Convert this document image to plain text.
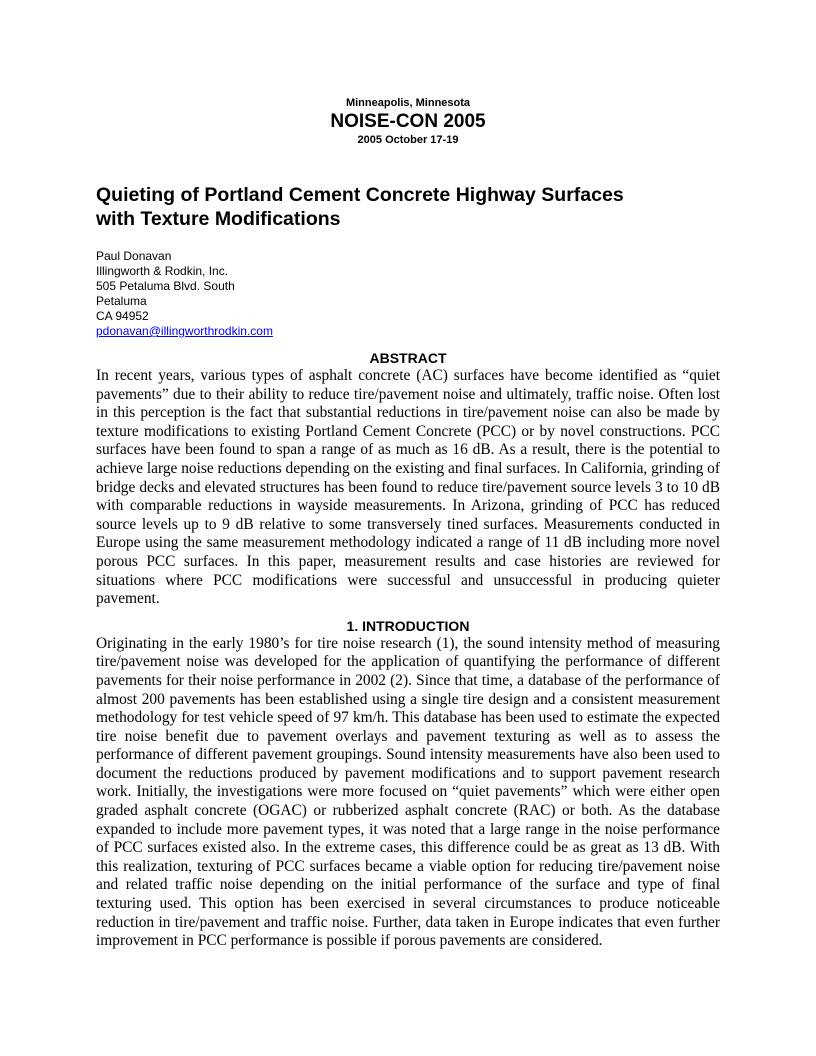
Minneapolis, Minnesota
NOISE-CON 2005
2005 October 17-19
Quieting of Portland Cement Concrete Highway Surfaces
with Texture Modifications
Paul Donavan
Illingworth & Rodkin, Inc.
505 Petaluma Blvd. South
Petaluma
CA 94952
pdonavan@illingworthrodkin.com
ABSTRACT

In recent years, various types of asphalt concrete (AC) surfaces have become identified as “quiet pavements” due to their ability to reduce tire/pavement noise and ultimately, traffic noise. Often lost in this perception is the fact that substantial reductions in tire/pavement noise can also be made by texture modifications to existing Portland Cement Concrete (PCC) or by novel constructions. PCC surfaces have been found to span a range of as much as 16 dB. As a result, there is the potential to achieve large noise reductions depending on the existing and final surfaces. In California, grinding of bridge decks and elevated structures has been found to reduce tire/pavement source levels 3 to 10 dB with comparable reductions in wayside measurements. In Arizona, grinding of PCC has reduced source levels up to 9 dB relative to some transversely tined surfaces. Measurements conducted in Europe using the same measurement methodology indicated a range of 11 dB including more novel porous PCC surfaces. In this paper, measurement results and case histories are reviewed for situations where PCC modifications were successful and unsuccessful in producing quieter pavement.

1. INTRODUCTION

Originating in the early 1980’s for tire noise research (1), the sound intensity method of measuring tire/pavement noise was developed for the application of quantifying the performance of different pavements for their noise performance in 2002 (2). Since that time, a database of the performance of almost 200 pavements has been established using a single tire design and a consistent measurement methodology for test vehicle speed of 97 km/h. This database has been used to estimate the expected tire noise benefit due to pavement overlays and pavement texturing as well as to assess the performance of different pavement groupings. Sound intensity measurements have also been used to document the reductions produced by pavement modifications and to support pavement research work. Initially, the investigations were more focused on “quiet pavements” which were either open graded asphalt concrete (OGAC) or rubberized asphalt concrete (RAC) or both. As the database expanded to include more pavement types, it was noted that a large range in the noise performance of PCC surfaces existed also. In the extreme cases, this difference could be as great as 13 dB. With this realization, texturing of PCC surfaces became a viable option for reducing tire/pavement noise and related traffic noise depending on the initial performance of the surface and type of final texturing used. This option has been exercised in several circumstances to produce noticeable reduction in tire/pavement and traffic noise. Further, data taken in Europe indicates that even further improvement in PCC performance is possible if porous pavements are considered.
